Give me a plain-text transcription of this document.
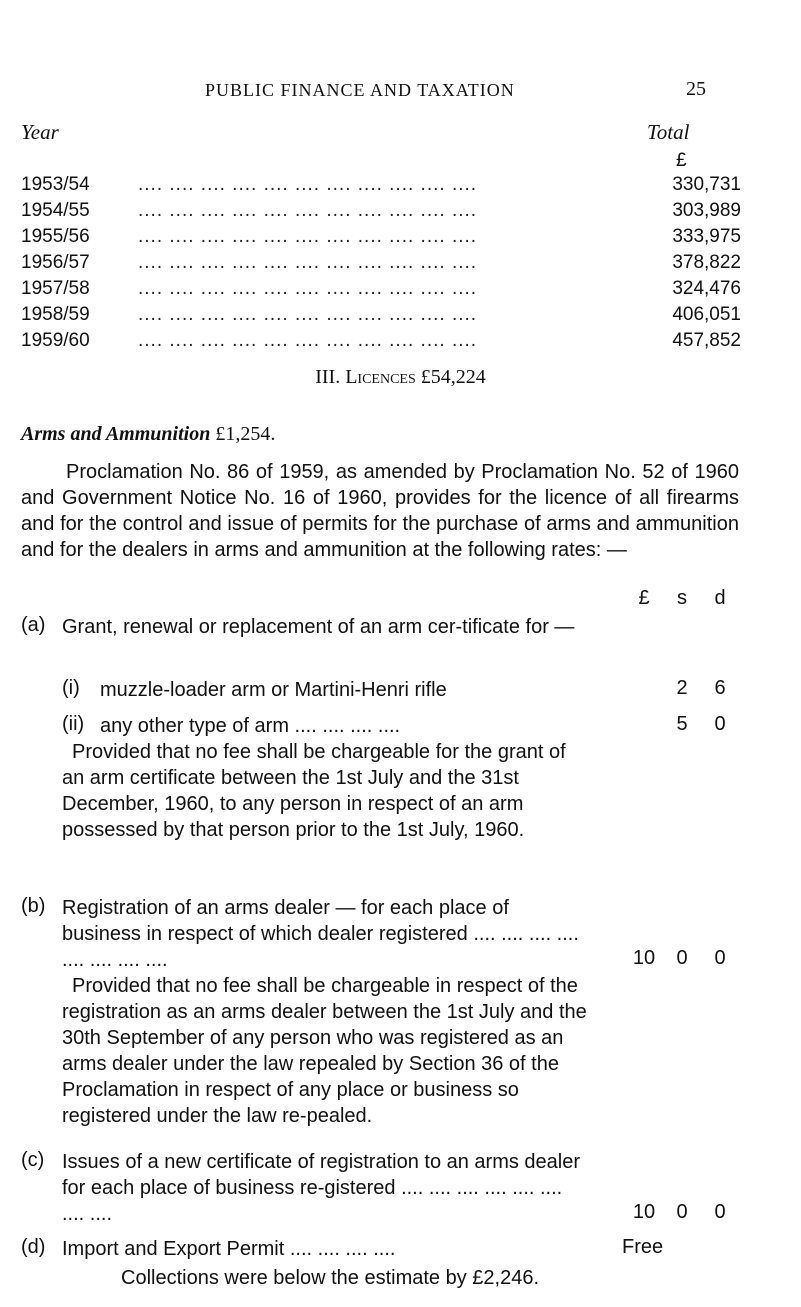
PUBLIC FINANCE AND TAXATION	25
Year	Total
£
1953/54	.... .... .... .... .... .... .... .... .... .... ....	330,731
1954/55	.... .... .... .... .... .... .... .... .... .... ....	303,989
1955/56	.... .... .... .... .... .... .... .... .... .... ....	333,975
1956/57	.... .... .... .... .... .... .... .... .... .... ....	378,822
1957/58	.... .... .... .... .... .... .... .... .... .... ....	324,476
1958/59	.... .... .... .... .... .... .... .... .... .... ....	406,051
1959/60	.... .... .... .... .... .... .... .... .... .... ....	457,852
III. Licences £54,224
Arms and Ammunition £1,254.
Proclamation No. 86 of 1959, as amended by Proclamation No. 52 of 1960 and Government Notice No. 16 of 1960, provides for the licence of all firearms and for the control and issue of permits for the purchase of arms and ammunition and for the dealers in arms and ammunition at the following rates: —
£ s d
(a) Grant, renewal or replacement of an arm cer-tificate for —
(i) muzzle-loader arm or Martini-Henri rifle	2 6
(ii) any other type of arm .... .... .... ....	5 0
Provided that no fee shall be chargeable for the grant of an arm certificate between the 1st July and the 31st December, 1960, to any person in respect of an arm possessed by that person prior to the 1st July, 1960.
(b) Registration of an arms dealer — for each place of business in respect of which dealer registered .... .... .... .... .... .... .... ....	10 0 0
Provided that no fee shall be chargeable in respect of the registration as an arms dealer between the 1st July and the 30th September of any person who was registered as an arms dealer under the law repealed by Section 36 of the Proclamation in respect of any place or business so registered under the law re-pealed.
(c) Issues of a new certificate of registration to an arms dealer for each place of business re-gistered .... .... .... .... .... .... .... ....	10 0 0
(d) Import and Export Permit .... .... .... ....	Free
Collections were below the estimate by £2,246.
